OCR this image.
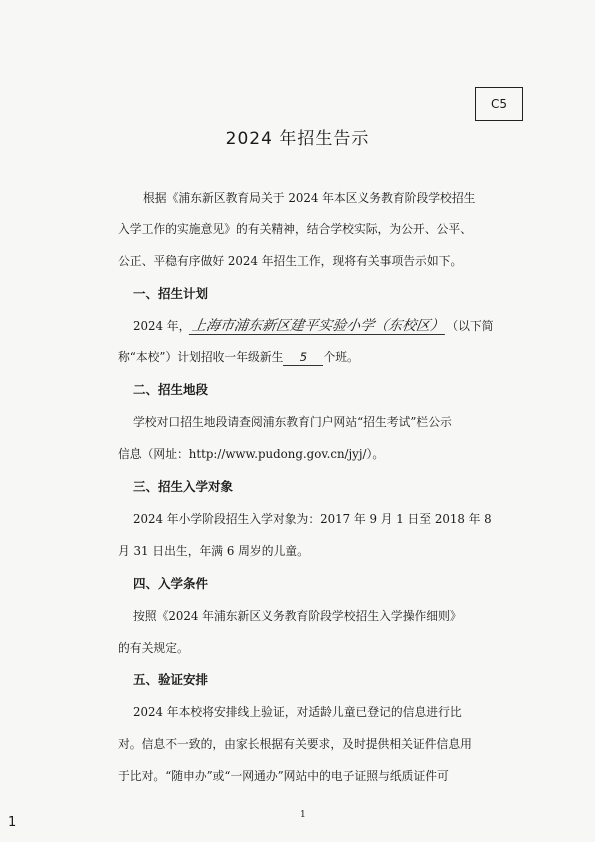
C5
2024 年招生告示
根据《浦东新区教育局关于 2024 年本区义务教育阶段学校招生
入学工作的实施意见》的有关精神，结合学校实际，为公开、公平、
公正、平稳有序做好 2024 年招生工作，现将有关事项告示如下。
一、招生计划
2024 年，上海市浦东新区建平实验小学（东校区）（以下简
称“本校”）计划招收一年级新生 5 个班。
二、招生地段
学校对口招生地段请查阅浦东教育门户网站“招生考试”栏公示
信息（网址：http://www.pudong.gov.cn/jyj/）。
三、招生入学对象
2024 年小学阶段招生入学对象为：2017 年 9 月 1 日至 2018 年 8
月 31 日出生，年满 6 周岁的儿童。
四、入学条件
按照《2024 年浦东新区义务教育阶段学校招生入学操作细则》
的有关规定。
五、验证安排
2024 年本校将安排线上验证，对适龄儿童已登记的信息进行比
对。信息不一致的，由家长根据有关要求，及时提供相关证件信息用
于比对。“随申办”或“一网通办”网站中的电子证照与纸质证件可
1
1
